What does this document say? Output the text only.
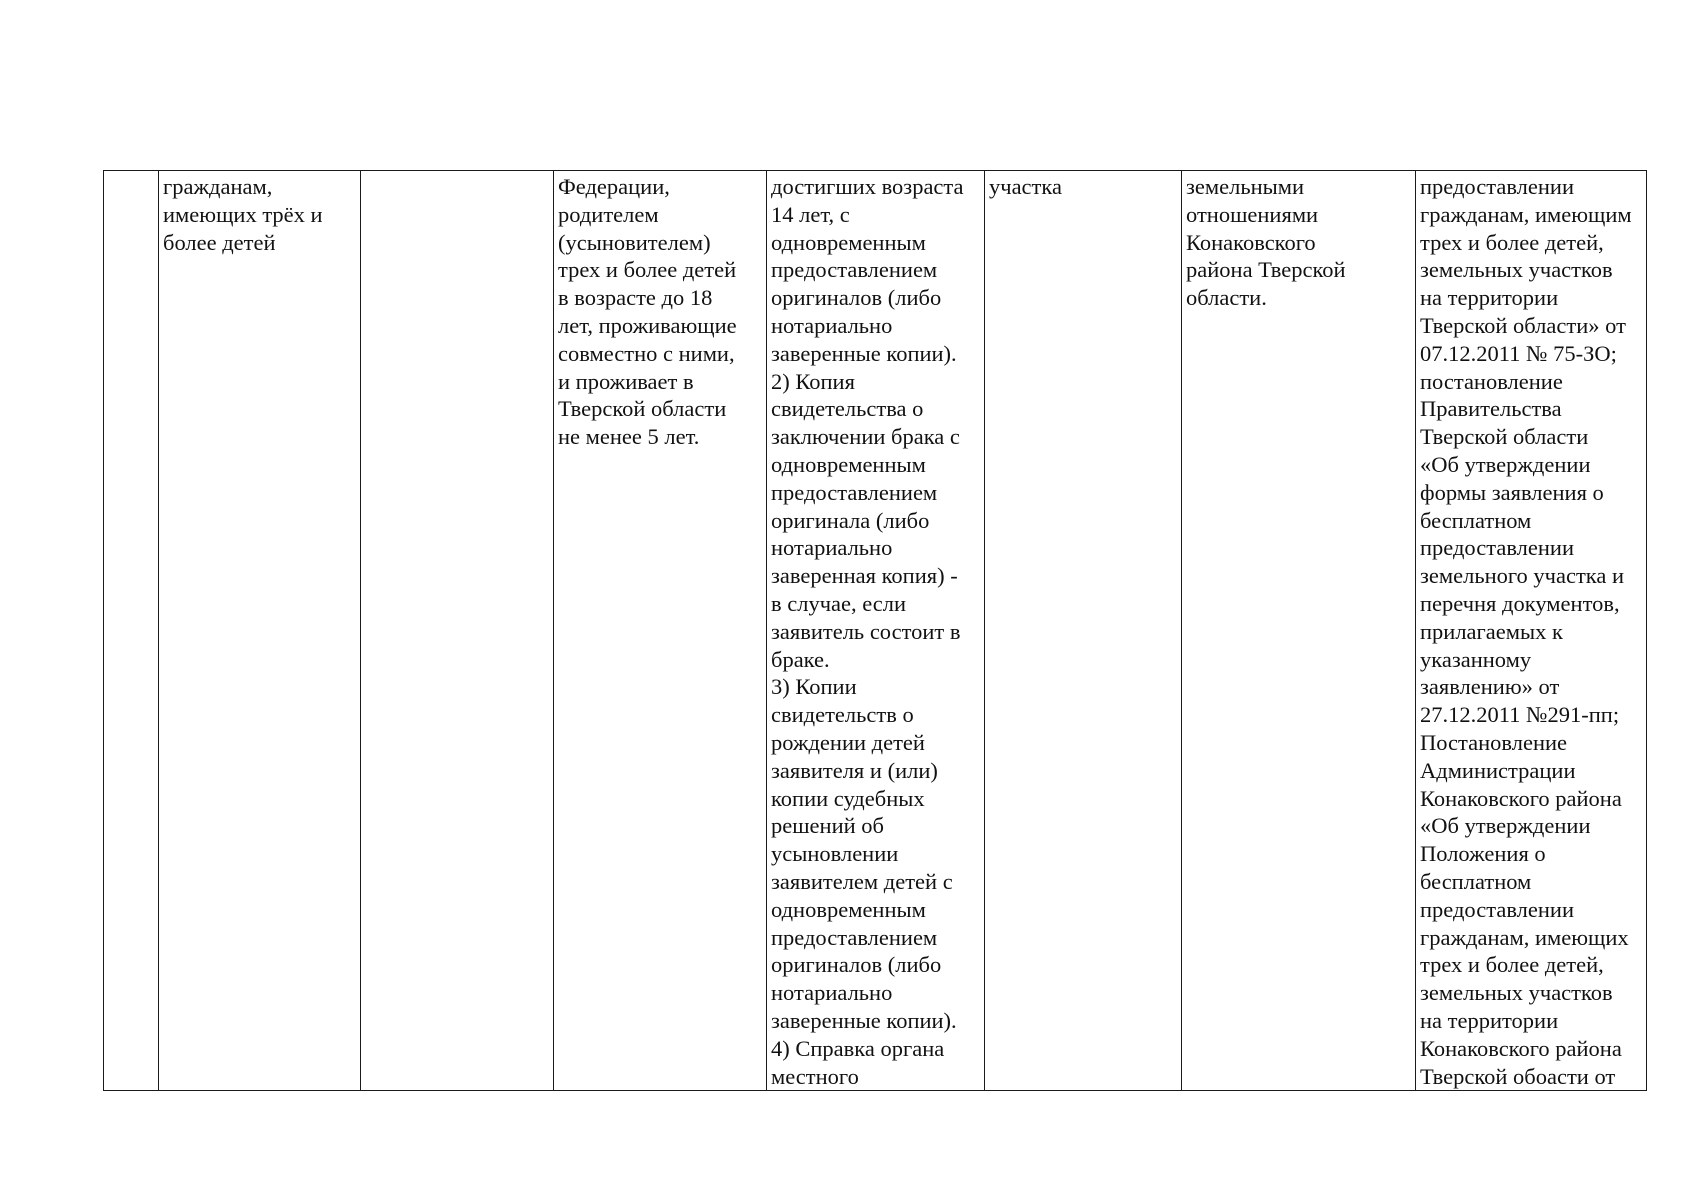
	гражданам,
имеющих трёх и
более детей		Федерации,
родителем
(усыновителем)
трех и более детей
в возрасте до 18
лет, проживающие
совместно с ними,
и проживает в
Тверской области
не менее 5 лет.	достигших возраста
14 лет, с
одновременным
предоставлением
оригиналов (либо
нотариально
заверенные копии).
2) Копия
свидетельства о
заключении брака с
одновременным
предоставлением
оригинала (либо
нотариально
заверенная копия) -
в случае, если
заявитель состоит в
браке.
3) Копии
свидетельств о
рождении детей
заявителя и (или)
копии судебных
решений об
усыновлении
заявителем детей с
одновременным
предоставлением
оригиналов (либо
нотариально
заверенные копии).
4) Справка органа
местного	участка	земельными
отношениями
Конаковского
района Тверской
области.	предоставлении
гражданам, имеющим
трех и более детей,
земельных участков
на территории
Тверской области» от
07.12.2011 № 75-ЗО;
постановление
Правительства
Тверской области
«Об утверждении
формы заявления о
бесплатном
предоставлении
земельного участка и
перечня документов,
прилагаемых к
указанному
заявлению» от
27.12.2011 №291-пп;
Постановление
Администрации
Конаковского района
«Об утверждении
Положения о
бесплатном
предоставлении
гражданам, имеющих
трех и более детей,
земельных участков
на территории
Конаковского района
Тверской обоасти от
